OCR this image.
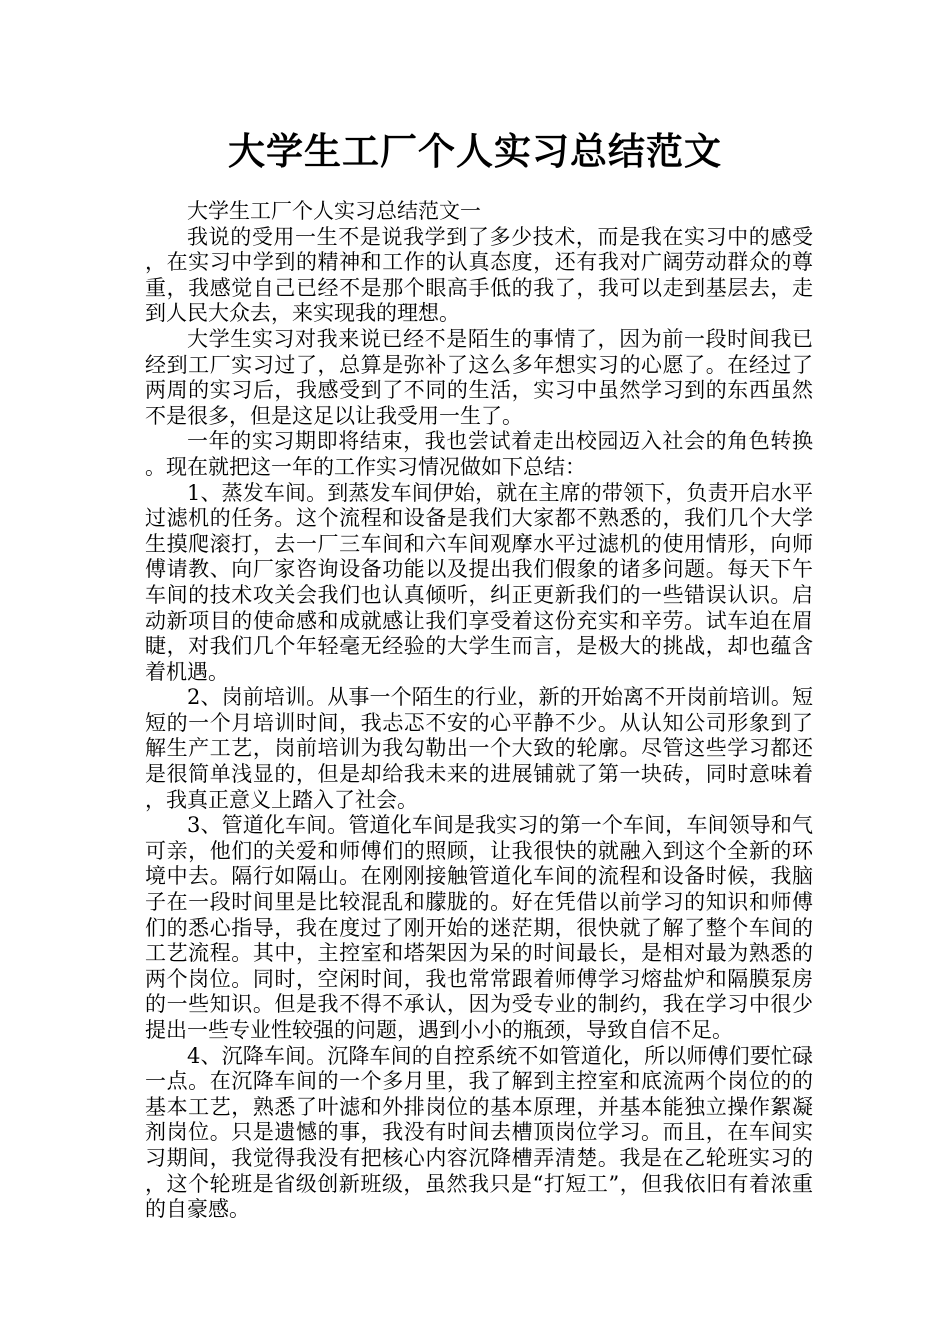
大学生工厂个人实习总结范文

大学生工厂个人实习总结范文一

我说的受用一生不是说我学到了多少技术，而是我在实习中的感受，在实习中学到的精神和工作的认真态度，还有我对广阔劳动群众的尊重，我感觉自己已经不是那个眼高手低的我了，我可以走到基层去，走到人民大众去，来实现我的理想。

大学生实习对我来说已经不是陌生的事情了，因为前一段时间我已经到工厂实习过了，总算是弥补了这么多年想实习的心愿了。在经过了两周的实习后，我感受到了不同的生活，实习中虽然学习到的东西虽然不是很多，但是这足以让我受用一生了。

一年的实习期即将结束，我也尝试着走出校园迈入社会的角色转换。现在就把这一年的工作实习情况做如下总结：

1、蒸发车间。到蒸发车间伊始，就在主席的带领下，负责开启水平过滤机的任务。这个流程和设备是我们大家都不熟悉的，我们几个大学生摸爬滚打，去一厂三车间和六车间观摩水平过滤机的使用情形，向师傅请教、向厂家咨询设备功能以及提出我们假象的诸多问题。每天下午车间的技术攻关会我们也认真倾听，纠正更新我们的一些错误认识。启动新项目的使命感和成就感让我们享受着这份充实和辛劳。试车迫在眉睫，对我们几个年轻毫无经验的大学生而言，是极大的挑战，却也蕴含着机遇。

2、岗前培训。从事一个陌生的行业，新的开始离不开岗前培训。短短的一个月培训时间，我忐忑不安的心平静不少。从认知公司形象到了解生产工艺，岗前培训为我勾勒出一个大致的轮廓。尽管这些学习都还是很简单浅显的，但是却给我未来的进展铺就了第一块砖，同时意味着，我真正意义上踏入了社会。

3、管道化车间。管道化车间是我实习的第一个车间，车间领导和气可亲，他们的关爱和师傅们的照顾，让我很快的就融入到这个全新的环境中去。隔行如隔山。在刚刚接触管道化车间的流程和设备时候，我脑子在一段时间里是比较混乱和朦胧的。好在凭借以前学习的知识和师傅们的悉心指导，我在度过了刚开始的迷茫期，很快就了解了整个车间的工艺流程。其中，主控室和塔架因为呆的时间最长，是相对最为熟悉的两个岗位。同时，空闲时间，我也常常跟着师傅学习熔盐炉和隔膜泵房的一些知识。但是我不得不承认，因为受专业的制约，我在学习中很少提出一些专业性较强的问题，遇到小小的瓶颈，导致自信不足。

4、沉降车间。沉降车间的自控系统不如管道化，所以师傅们要忙碌一点。在沉降车间的一个多月里，我了解到主控室和底流两个岗位的的基本工艺，熟悉了叶滤和外排岗位的基本原理，并基本能独立操作絮凝剂岗位。只是遗憾的事，我没有时间去槽顶岗位学习。而且，在车间实习期间，我觉得我没有把核心内容沉降槽弄清楚。我是在乙轮班实习的，这个轮班是省级创新班级，虽然我只是“打短工”，但我依旧有着浓重的自豪感。
